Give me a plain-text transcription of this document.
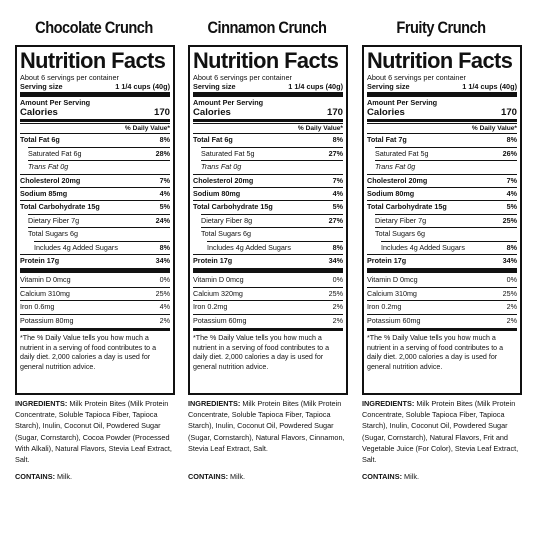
Chocolate Crunch
Nutrition Facts
About 6 servings per container
Serving size	1 1/4 cups (40g)
Amount Per Serving
Calories	170
% Daily Value*
Total Fat 6g	8%
Saturated Fat 6g	28%
Trans Fat 0g
Cholesterol 20mg	7%
Sodium 85mg	4%
Total Carbohydrate 15g	5%
Dietary Fiber 7g	24%
Total Sugars 6g
Includes 4g Added Sugars	8%
Protein 17g	34%
Vitamin D 0mcg	0%
Calcium 310mg	25%
Iron 0.6mg	4%
Potassium 80mg	2%
*The % Daily Value tells you how much a nutrient in a serving of food contributes to a daily diet. 2,000 calories a day is used for general nutrition advice.
INGREDIENTS: Milk Protein Bites (Milk Protein Concentrate, Soluble Tapioca Fiber, Tapioca Starch), Inulin, Coconut Oil, Powdered Sugar (Sugar, Cornstarch), Cocoa Powder (Processed With Alkali), Natural Flavors, Stevia Leaf Extract, Salt.
CONTAINS: Milk.
Cinnamon Crunch
Nutrition Facts
About 6 servings per container
Serving size	1 1/4 cups (40g)
Amount Per Serving
Calories	170
% Daily Value*
Total Fat 6g	8%
Saturated Fat 5g	27%
Trans Fat 0g
Cholesterol 20mg	7%
Sodium 80mg	4%
Total Carbohydrate 15g	5%
Dietary Fiber 8g	27%
Total Sugars 6g
Includes 4g Added Sugars	8%
Protein 17g	34%
Vitamin D 0mcg	0%
Calcium 320mg	25%
Iron 0.2mg	2%
Potassium 60mg	2%
*The % Daily Value tells you how much a nutrient in a serving of food contributes to a daily diet. 2,000 calories a day is used for general nutrition advice.
INGREDIENTS: Milk Protein Bites (Milk Protein Concentrate, Soluble Tapioca Fiber, Tapioca Starch), Inulin, Coconut Oil, Powdered Sugar (Sugar, Cornstarch), Natural Flavors, Cinnamon, Stevia Leaf Extract, Salt.
CONTAINS: Milk.
Fruity Crunch
Nutrition Facts
About 6 servings per container
Serving size	1 1/4 cups (40g)
Amount Per Serving
Calories	170
% Daily Value*
Total Fat 7g	8%
Saturated Fat 5g	26%
Trans Fat 0g
Cholesterol 20mg	7%
Sodium 80mg	4%
Total Carbohydrate 15g	5%
Dietary Fiber 7g	25%
Total Sugars 6g
Includes 4g Added Sugars	8%
Protein 17g	34%
Vitamin D 0mcg	0%
Calcium 310mg	25%
Iron 0.2mg	2%
Potassium 60mg	2%
*The % Daily Value tells you how much a nutrient in a serving of food contributes to a daily diet. 2,000 calories a day is used for general nutrition advice.
INGREDIENTS: Milk Protein Bites (Milk Protein Concentrate, Soluble Tapioca Fiber, Tapioca Starch), Inulin, Coconut Oil, Powdered Sugar (Sugar, Cornstarch), Natural Flavors, Frit and Vegetable Juice (For Color), Stevia Leaf Extract, Salt.
CONTAINS: Milk.
